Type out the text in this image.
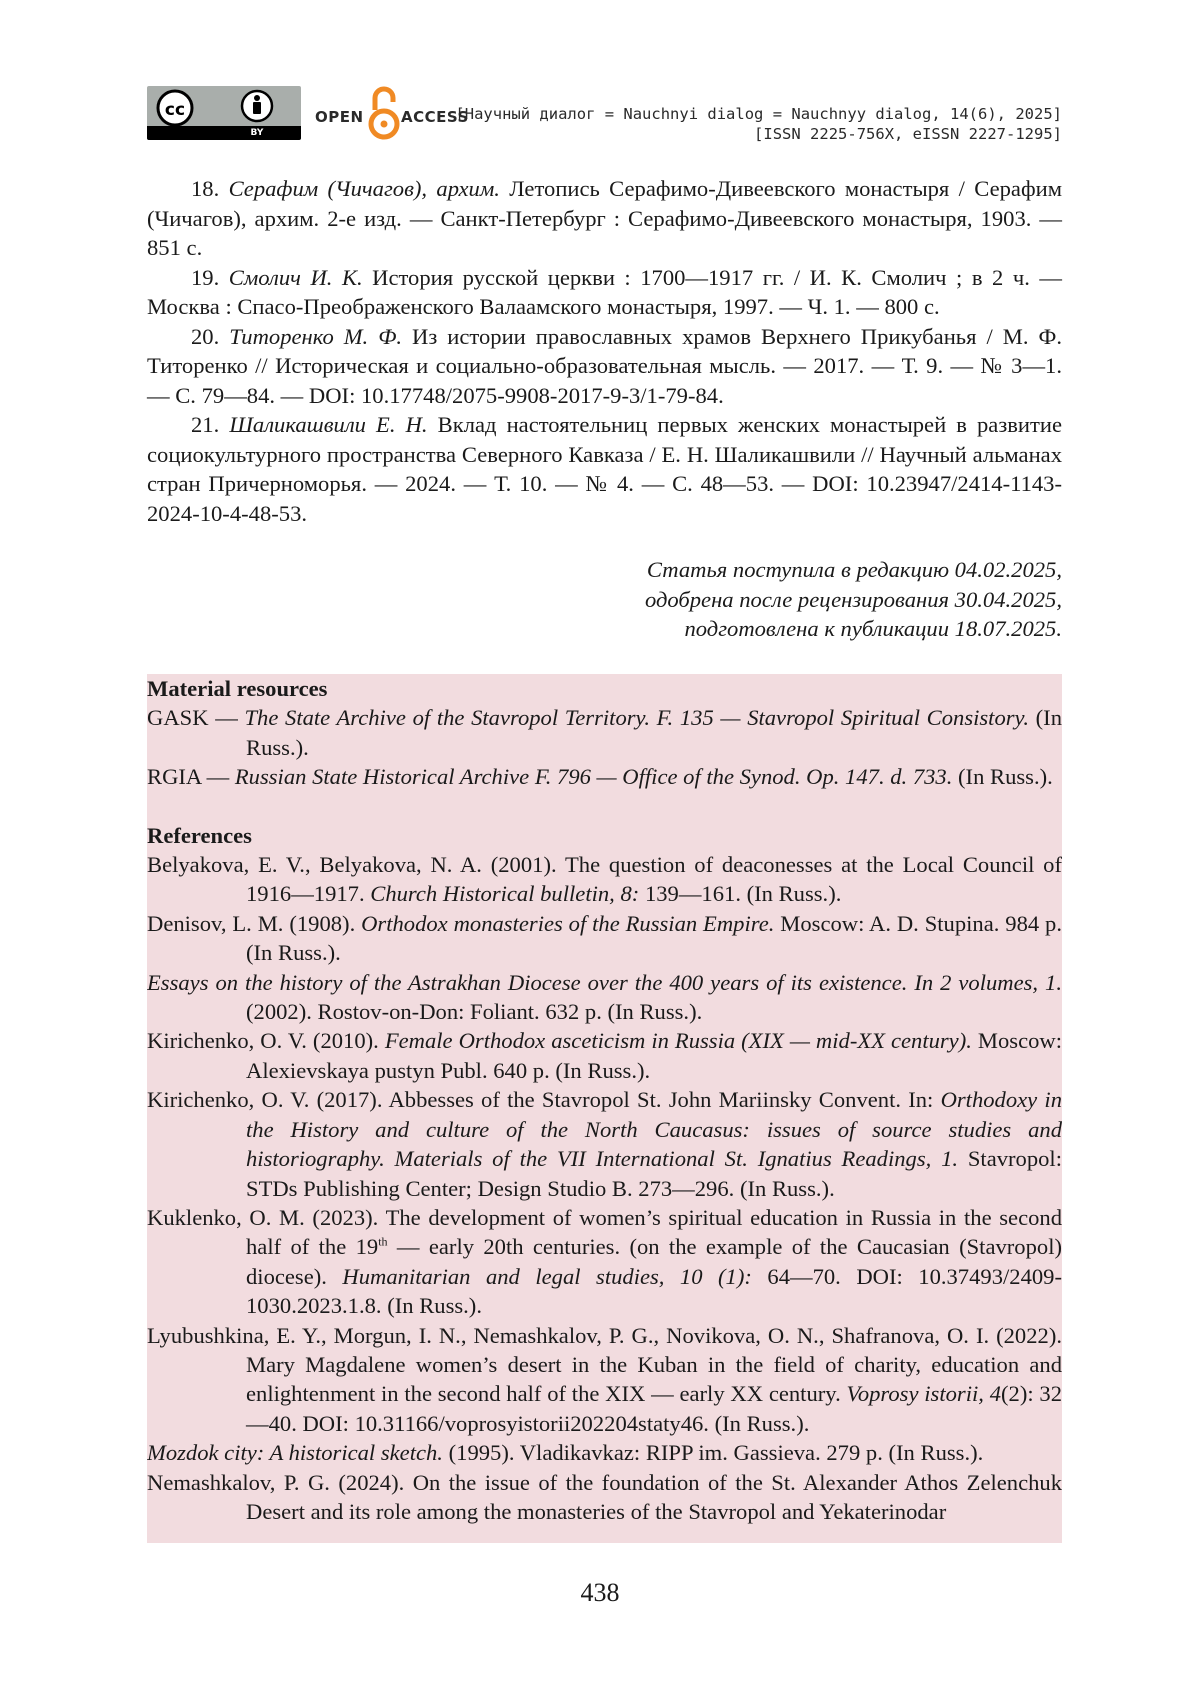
cc
BY
OPEN ACCESS
[Научный диалог = Nauchnyi dialog = Nauchnyy dialog, 14(6), 2025]
[ISSN 2225-756X, eISSN 2227-1295]

18. Серафим (Чичагов), архим. Летопись Серафимо-Дивеевского монастыря / Серафим (Чичагов), архим. 2-е изд. — Санкт-Петербург : Серафимо-Дивеевского монастыря, 1903. — 851 с.

19. Смолич И. К. История русской церкви : 1700—1917 гг. / И. К. Смолич ; в 2 ч. — Москва : Спасо-Преображенского Валаамского монастыря, 1997. — Ч. 1. — 800 с.

20. Титоренко М. Ф. Из истории православных храмов Верхнего Прикубанья / М. Ф. Титоренко // Историческая и социально-образовательная мысль. — 2017. — Т. 9. — № 3—1. — С. 79—84. — DOI: 10.17748/2075-9908-2017-9-3/1-79-84.

21. Шаликашвили Е. Н. Вклад настоятельниц первых женских монастырей в развитие социокультурного пространства Северного Кавказа / Е. Н. Шаликашвили // Научный альманах стран Причерноморья. — 2024. — Т. 10. — № 4. — С. 48—53. — DOI: 10.23947/2414-1143-2024-10-4-48-53.

Статья поступила в редакцию 04.02.2025,
одобрена после рецензирования 30.04.2025,
подготовлена к публикации 18.07.2025.

Material resources

GASK — The State Archive of the Stavropol Territory. F. 135 — Stavropol Spiritual Consistory. (In Russ.).

RGIA — Russian State Historical Archive F. 796 — Office of the Synod. Op. 147. d. 733. (In Russ.).

References

Belyakova, E. V., Belyakova, N. A. (2001). The question of deaconesses at the Local Council of 1916—1917. Church Historical bulletin, 8: 139—161. (In Russ.).

Denisov, L. M. (1908). Orthodox monasteries of the Russian Empire. Moscow: A. D. Stupina. 984 p. (In Russ.).

Essays on the history of the Astrakhan Diocese over the 400 years of its existence. In 2 volumes, 1. (2002). Rostov-on-Don: Foliant. 632 p. (In Russ.).

Kirichenko, O. V. (2010). Female Orthodox asceticism in Russia (XIX — mid-XX century). Moscow: Alexievskaya pustyn Publ. 640 p. (In Russ.).

Kirichenko, O. V. (2017). Abbesses of the Stavropol St. John Mariinsky Convent. In: Orthodoxy in the History and culture of the North Caucasus: issues of source studies and historiography. Materials of the VII International St. Ignatius Readings, 1. Stavropol: STDs Publishing Center; Design Studio B. 273—296. (In Russ.).

Kuklenko, O. M. (2023). The development of women’s spiritual education in Russia in the second half of the 19th — early 20th centuries. (on the example of the Caucasian (Stavropol) diocese). Humanitarian and legal studies, 10 (1): 64—70. DOI: 10.37493/2409-1030.2023.1.8. (In Russ.).

Lyubushkina, E. Y., Morgun, I. N., Nemashkalov, P. G., Novikova, O. N., Shafranova, O. I. (2022). Mary Magdalene women’s desert in the Kuban in the field of charity, education and enlightenment in the second half of the XIX — early XX century. Voprosy istorii, 4(2): 32—40. DOI: 10.31166/voprosyistorii202204staty46. (In Russ.).

Mozdok city: A historical sketch. (1995). Vladikavkaz: RIPP im. Gassieva. 279 p. (In Russ.).

Nemashkalov, P. G. (2024). On the issue of the foundation of the St. Alexander Athos Zelenchuk Desert and its role among the monasteries of the Stavropol and Yekaterinodar

438
